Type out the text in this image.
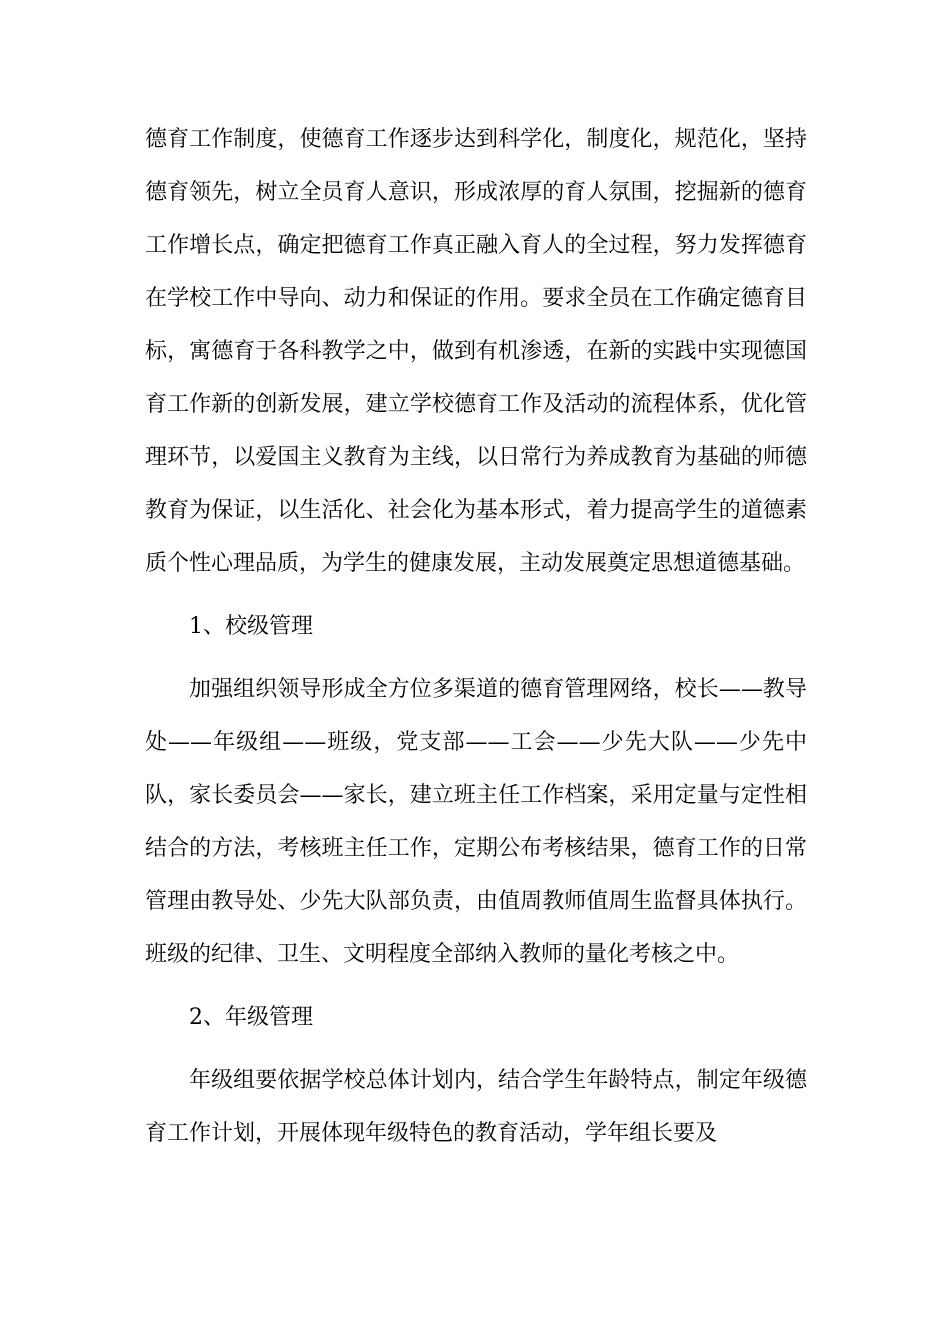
德育工作制度，使德育工作逐步达到科学化，制度化，规范化，坚持德育领先，树立全员育人意识，形成浓厚的育人氛围，挖掘新的德育工作增长点，确定把德育工作真正融入育人的全过程，努力发挥德育在学校工作中导向、动力和保证的作用。要求全员在工作确定德育目标，寓德育于各科教学之中，做到有机渗透，在新的实践中实现德国育工作新的创新发展，建立学校德育工作及活动的流程体系，优化管理环节，以爱国主义教育为主线，以日常行为养成教育为基础的师德教育为保证，以生活化、社会化为基本形式，着力提高学生的道德素质个性心理品质，为学生的健康发展，主动发展奠定思想道德基础。

1、校级管理

加强组织领导形成全方位多渠道的德育管理网络，校长——教导处——年级组——班级，党支部——工会——少先大队——少先中队，家长委员会——家长，建立班主任工作档案，采用定量与定性相结合的方法，考核班主任工作，定期公布考核结果，德育工作的日常管理由教导处、少先大队部负责，由值周教师值周生监督具体执行。班级的纪律、卫生、文明程度全部纳入教师的量化考核之中。

2、年级管理

年级组要依据学校总体计划内，结合学生年龄特点，制定年级德育工作计划，开展体现年级特色的教育活动，学年组长要及
